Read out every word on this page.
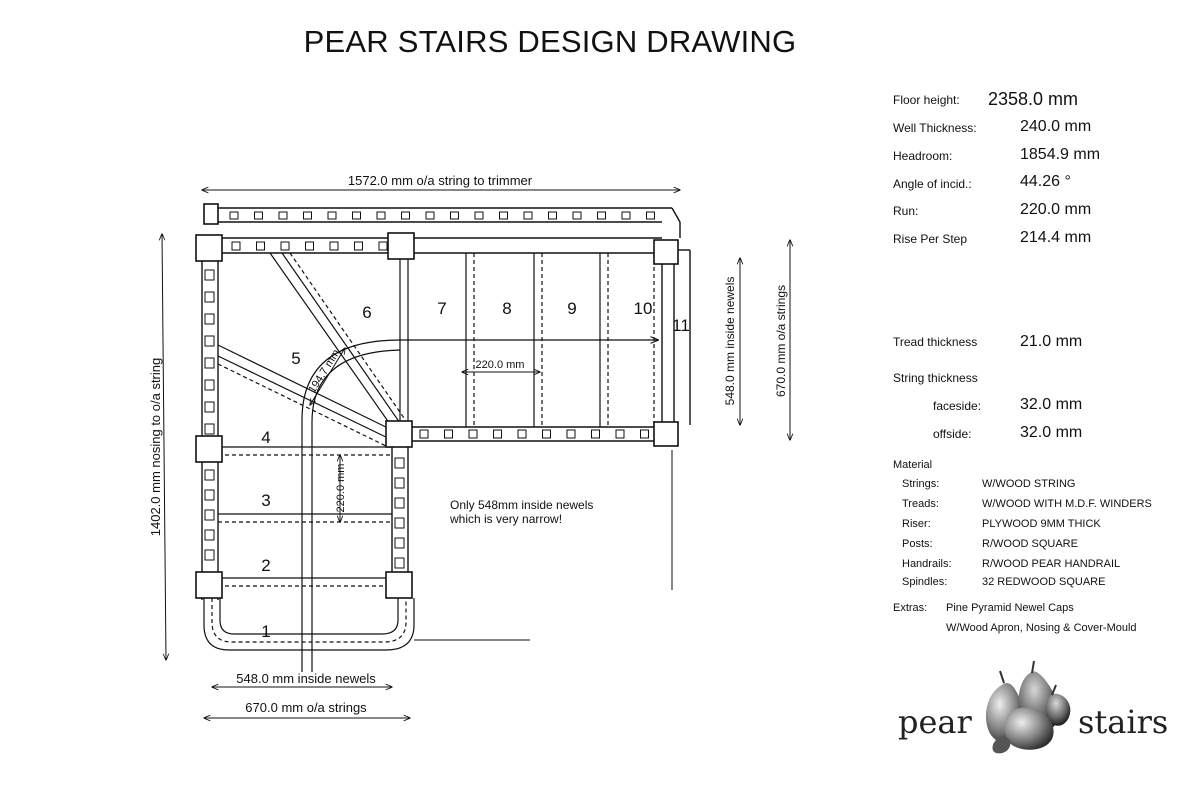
PEAR STAIRS DESIGN DRAWING
1572.0 mm o/a string to trimmer
1402.0 mm nosing to o/a string
548.0 mm inside newels	670.0 mm o/a strings
548.0 mm inside newels
670.0 mm o/a strings
220.0 mm
220.0 mm
194.7 mm
1
2
3
4
5
6	7	8	9	10
11
Only 548mm inside newels
which is very narrow!
Floor height: 2358.0 mm
Well Thickness:	240.0 mm
Headroom:	1854.9 mm
Angle of incid.:	44.26 °
Run:	220.0 mm
Rise Per Step	214.4 mm
Tread thickness	21.0 mm
String thickness
faceside: 32.0 mm
offside:	32.0 mm
Material
Strings:	W/WOOD STRING
Treads:	W/WOOD WITH M.D.F. WINDERS
Riser:	PLYWOOD 9MM THICK
Posts:	R/WOOD SQUARE
Handrails:	R/WOOD PEAR HANDRAIL
Spindles:	32 REDWOOD SQUARE
Extras: Pine Pyramid Newel Caps
W/Wood Apron, Nosing & Cover-Mould
pear	stairs
